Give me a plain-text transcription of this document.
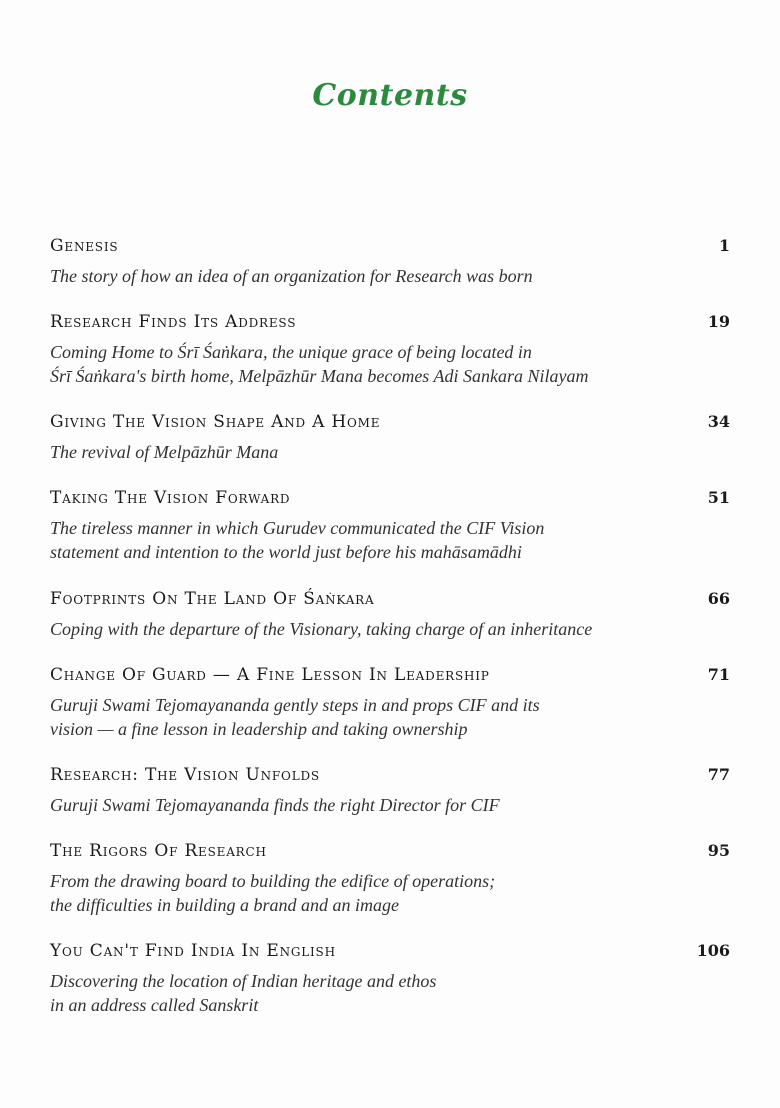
Contents
Genesis	1
The story of how an idea of an organization for Research was born
Research Finds Its Address	19
Coming Home to Śrī Śaṅkara, the unique grace of being located in
Śrī Śaṅkara's birth home, Melpāzhūr Mana becomes Adi Sankara Nilayam
Giving The Vision Shape And A Home	34
The revival of Melpāzhūr Mana
Taking The Vision Forward	51
The tireless manner in which Gurudev communicated the CIF Vision
statement and intention to the world just before his mahāsamādhi
Footprints On The Land Of Śaṅkara	66
Coping with the departure of the Visionary, taking charge of an inheritance
Change Of Guard — A Fine Lesson In Leadership	71
Guruji Swami Tejomayananda gently steps in and props CIF and its
vision — a fine lesson in leadership and taking ownership
Research: The Vision Unfolds	77
Guruji Swami Tejomayananda finds the right Director for CIF
The Rigors Of Research	95
From the drawing board to building the edifice of operations;
the difficulties in building a brand and an image
You Can't Find India In English	106
Discovering the location of Indian heritage and ethos
in an address called Sanskrit
